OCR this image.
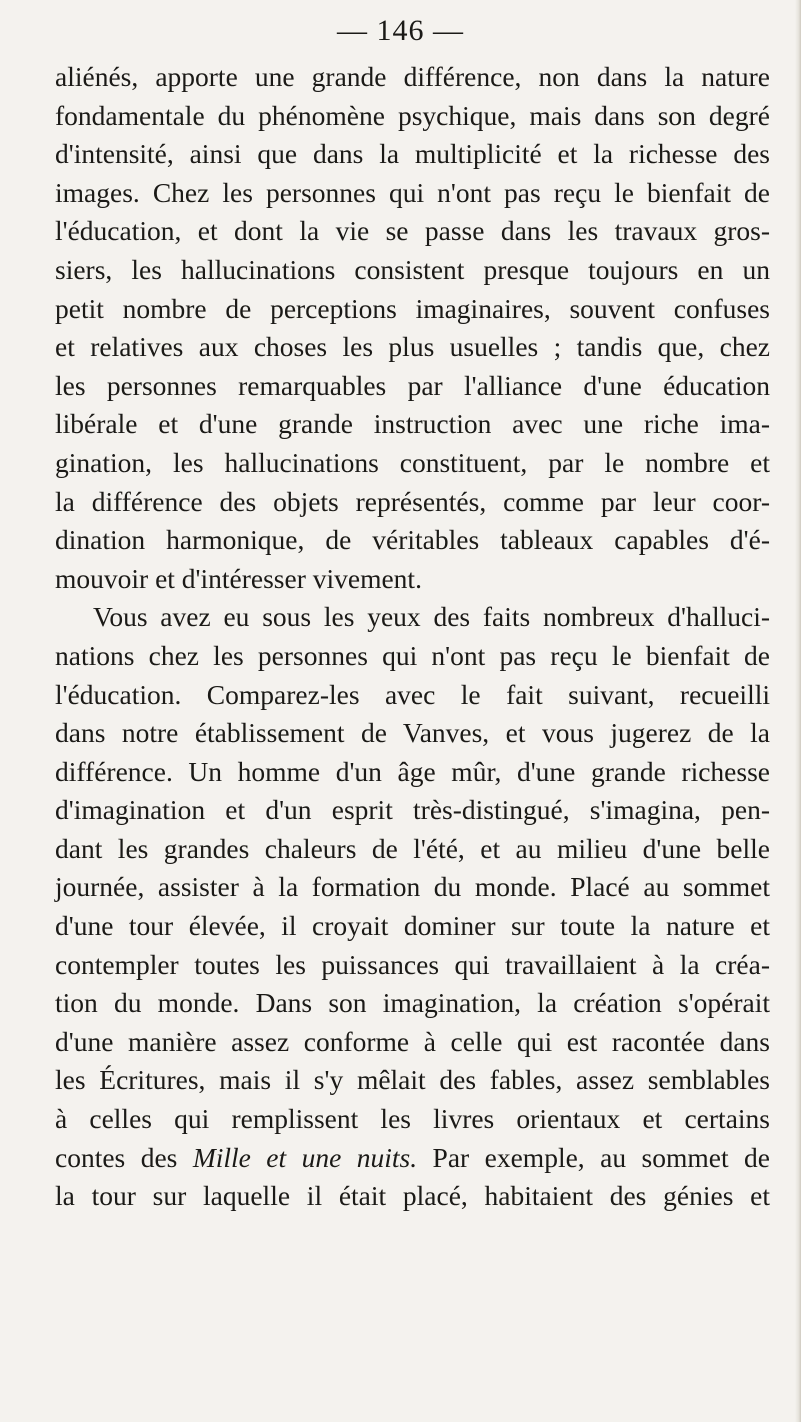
— 146 —
aliénés, apporte une grande différence, non dans la nature
fondamentale du phénomène psychique, mais dans son degré
d'intensité, ainsi que dans la multiplicité et la richesse des
images. Chez les personnes qui n'ont pas reçu le bienfait de
l'éducation, et dont la vie se passe dans les travaux gros-
siers, les hallucinations consistent presque toujours en un
petit nombre de perceptions imaginaires, souvent confuses
et relatives aux choses les plus usuelles ; tandis que, chez
les personnes remarquables par l'alliance d'une éducation
libérale et d'une grande instruction avec une riche ima-
gination, les hallucinations constituent, par le nombre et
la différence des objets représentés, comme par leur coor-
dination harmonique, de véritables tableaux capables d'é-
mouvoir et d'intéresser vivement.
Vous avez eu sous les yeux des faits nombreux d'halluci-
nations chez les personnes qui n'ont pas reçu le bienfait de
l'éducation. Comparez-les avec le fait suivant, recueilli
dans notre établissement de Vanves, et vous jugerez de la
différence. Un homme d'un âge mûr, d'une grande richesse
d'imagination et d'un esprit très-distingué, s'imagina, pen-
dant les grandes chaleurs de l'été, et au milieu d'une belle
journée, assister à la formation du monde. Placé au sommet
d'une tour élevée, il croyait dominer sur toute la nature et
contempler toutes les puissances qui travaillaient à la créa-
tion du monde. Dans son imagination, la création s'opérait
d'une manière assez conforme à celle qui est racontée dans
les Écritures, mais il s'y mêlait des fables, assez semblables
à celles qui remplissent les livres orientaux et certains
contes des Mille et une nuits. Par exemple, au sommet de
la tour sur laquelle il était placé, habitaient des génies et
